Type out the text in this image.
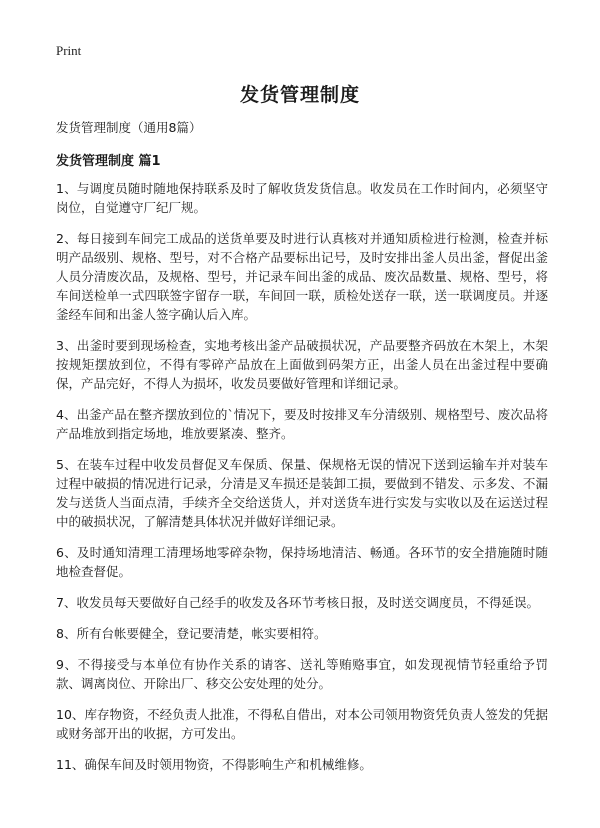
Print
发货管理制度

发货管理制度（通用8篇）

发货管理制度 篇1
1、与调度员随时随地保持联系及时了解收货发货信息。收发员在工作时间内，必须坚守岗位，自觉遵守厂纪厂规。
2、每日接到车间完工成品的送货单要及时进行认真核对并通知质检进行检测，检查并标明产品级别、规格、型号，对不合格产品要标出记号，及时安排出釜人员出釜，督促出釜人员分清废次品，及规格、型号，并记录车间出釜的成品、废次品数量、规格、型号，将车间送检单一式四联签字留存一联，车间回一联，质检处送存一联，送一联调度员。并逐釜经车间和出釜人签字确认后入库。
3、出釜时要到现场检查，实地考核出釜产品破损状况，产品要整齐码放在木架上，木架按规矩摆放到位，不得有零碎产品放在上面做到码架方正，出釜人员在出釜过程中要确保，产品完好，不得人为损坏，收发员要做好管理和详细记录。
4、出釜产品在整齐摆放到位的`情况下，要及时按排叉车分清级别、规格型号、废次品将产品堆放到指定场地，堆放要紧凑、整齐。
5、在装车过程中收发员督促叉车保质、保量、保规格无误的情况下送到运输车并对装车过程中破损的情况进行记录，分清是叉车损还是装卸工损，要做到不错发、示多发、不漏发与送货人当面点清，手续齐全交给送货人，并对送货车进行实发与实收以及在运送过程中的破损状况，了解清楚具体状况并做好详细记录。
6、及时通知清理工清理场地零碎杂物，保持场地清洁、畅通。各环节的安全措施随时随地检查督促。
7、收发员每天要做好自己经手的收发及各环节考核日报，及时送交调度员，不得延误。
8、所有台帐要健全，登记要清楚，帐实要相符。
9、不得接受与本单位有协作关系的请客、送礼等贿赂事宜，如发现视情节轻重给予罚款、调离岗位、开除出厂、移交公安处理的处分。
10、库存物资，不经负责人批准，不得私自借出，对本公司领用物资凭负责人签发的凭据或财务部开出的收据，方可发出。
11、确保车间及时领用物资，不得影响生产和机械维修。
